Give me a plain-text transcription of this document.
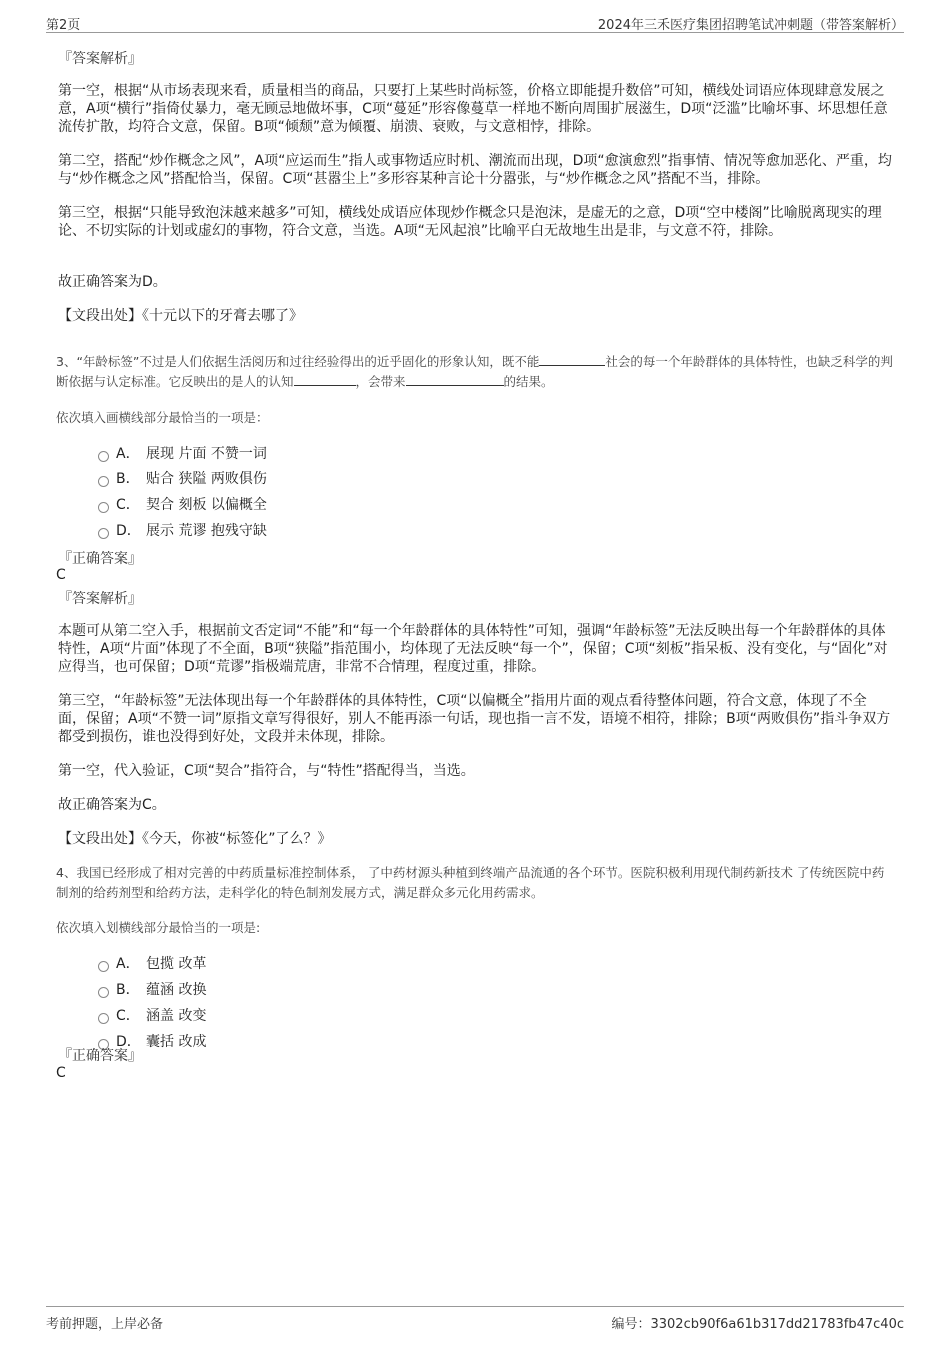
第2页	2024年三禾医疗集团招聘笔试冲刺题（带答案解析）
『答案解析』
第一空，根据“从市场表现来看，质量相当的商品，只要打上某些时尚标签，价格立即能提升数倍”可知，横线处词语应体现肆意发展之意，A项“横行”指倚仗暴力，毫无顾忌地做坏事，C项“蔓延”形容像蔓草一样地不断向周围扩展滋生，D项“泛滥”比喻坏事、坏思想任意流传扩散，均符合文意，保留。B项“倾颓”意为倾覆、崩溃、衰败，与文意相悖，排除。
第二空，搭配“炒作概念之风”，A项“应运而生”指人或事物适应时机、潮流而出现，D项“愈演愈烈”指事情、情况等愈加恶化、严重，均与“炒作概念之风”搭配恰当，保留。C项“甚嚣尘上”多形容某种言论十分嚣张，与“炒作概念之风”搭配不当，排除。
第三空，根据“只能导致泡沫越来越多”可知，横线处成语应体现炒作概念只是泡沫，是虚无的之意，D项“空中楼阁”比喻脱离现实的理论、不切实际的计划或虚幻的事物，符合文意，当选。A项“无风起浪”比喻平白无故地生出是非，与文意不符，排除。
故正确答案为D。
【文段出处】《十元以下的牙膏去哪了》
3、“年龄标签”不过是人们依据生活阅历和过往经验得出的近乎固化的形象认知，既不能	社会的每一个年龄群体的具体特性，也缺乏科学的判断依据与认定标准。它反映出的是人的认知	，会带来	的结果。
依次填入画横线部分最恰当的一项是：
A． 展现 片面 不赞一词
B． 贴合 狭隘 两败俱伤
C． 契合 刻板 以偏概全
D． 展示 荒谬 抱残守缺
『正确答案』
C
『答案解析』
本题可从第二空入手，根据前文否定词“不能”和“每一个年龄群体的具体特性”可知，强调“年龄标签”无法反映出每一个年龄群体的具体特性，A项“片面”体现了不全面，B项“狭隘”指范围小，均体现了无法反映“每一个”，保留；C项“刻板”指呆板、没有变化，与“固化”对应得当，也可保留；D项“荒谬”指极端荒唐，非常不合情理，程度过重，排除。
第三空，“年龄标签”无法体现出每一个年龄群体的具体特性，C项“以偏概全”指用片面的观点看待整体问题，符合文意，体现了不全面，保留；A项“不赞一词”原指文章写得很好，别人不能再添一句话，现也指一言不发，语境不相符，排除；B项“两败俱伤”指斗争双方都受到损伤，谁也没得到好处，文段并未体现，排除。
第一空，代入验证，C项“契合”指符合，与“特性”搭配得当，当选。
故正确答案为C。
【文段出处】《今天，你被“标签化”了么？》
4、我国已经形成了相对完善的中药质量标准控制体系， 了中药材源头种植到终端产品流通的各个环节。医院积极利用现代制药新技术 了传统医院中药制剂的给药剂型和给药方法，走科学化的特色制剂发展方式，满足群众多元化用药需求。
依次填入划横线部分最恰当的一项是:
A． 包揽 改革
B． 蕴涵 改换
C． 涵盖 改变
D． 囊括 改成
『正确答案』
C
考前押题，上岸必备	编号：3302cb90f6a61b317dd21783fb47c40c
